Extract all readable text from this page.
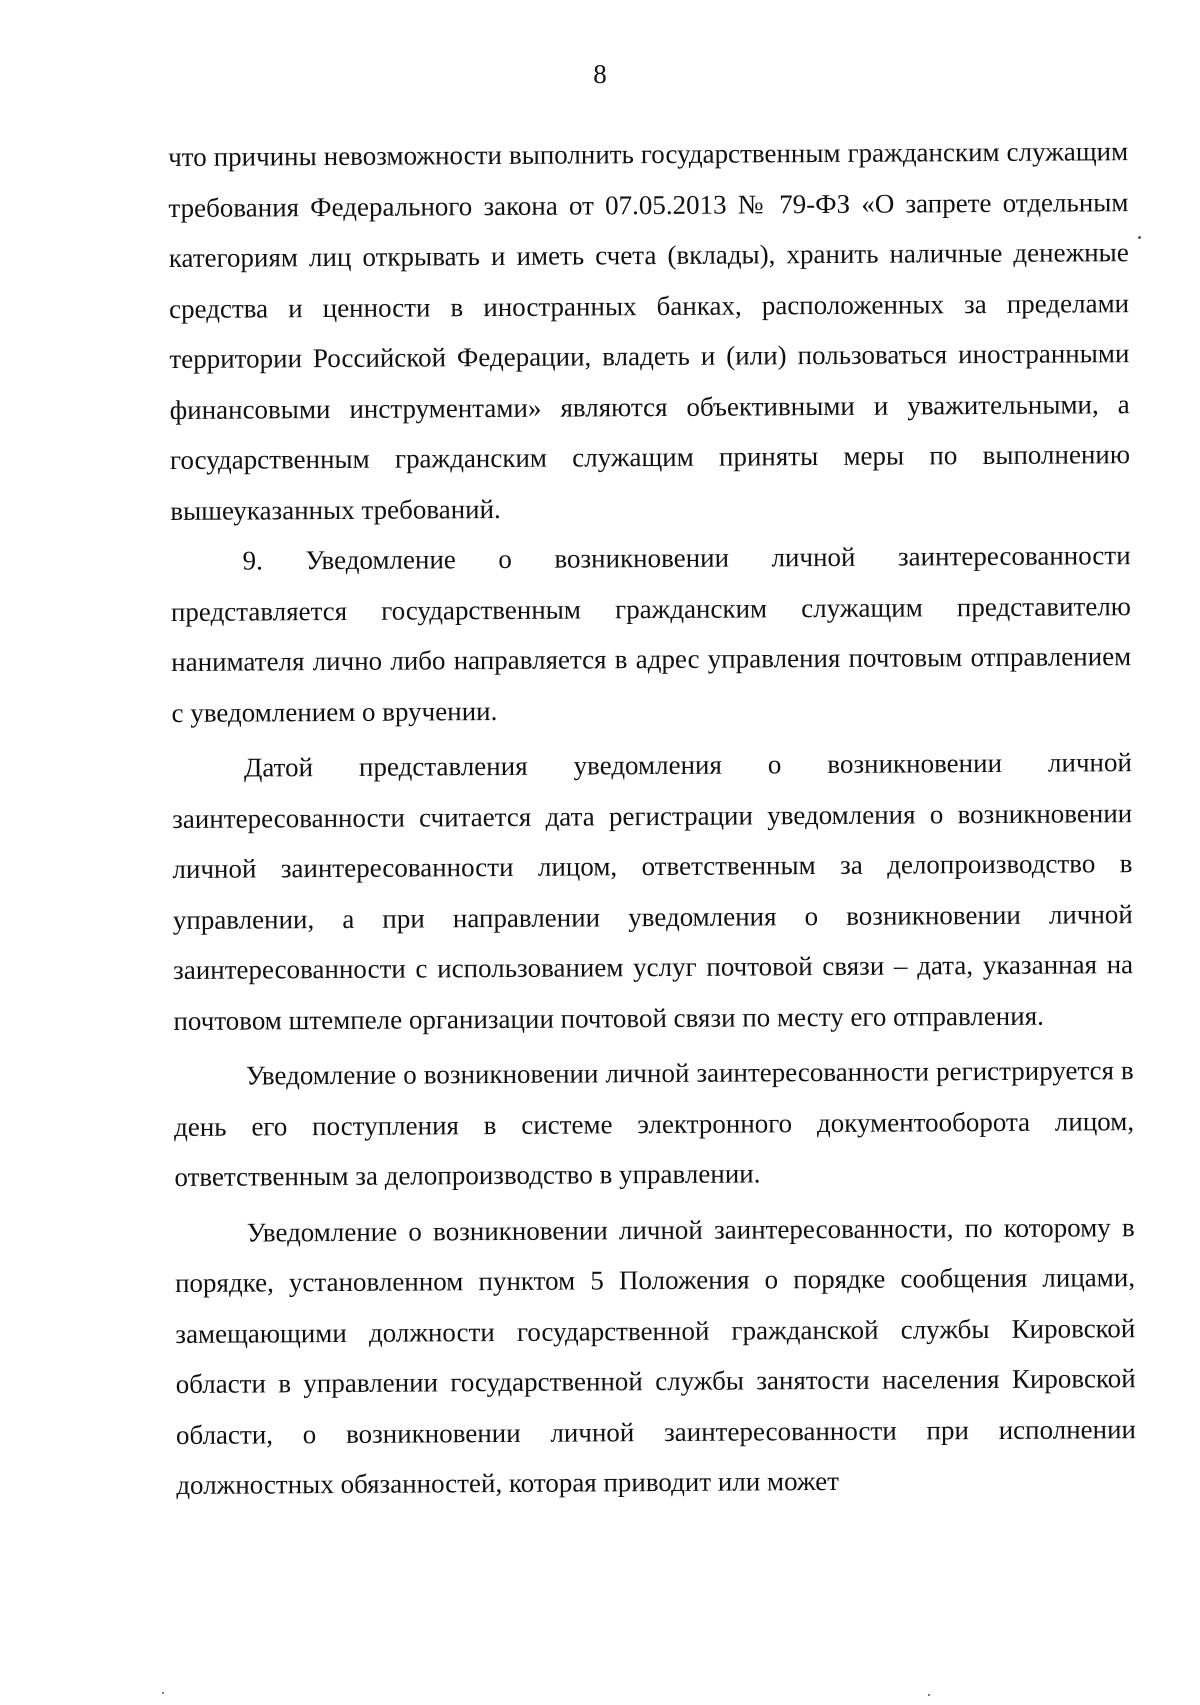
8

что причины невозможности выполнить государственным гражданским служащим требования Федерального закона от 07.05.2013 № 79-ФЗ «О запрете отдельным категориям лиц открывать и иметь счета (вклады), хранить наличные денежные средства и ценности в иностранных банках, расположенных за пределами территории Российской Федерации, владеть и (или) пользоваться иностранными финансовыми инструментами» являются объективными и уважительными, а государственным гражданским служащим приняты меры по выполнению вышеуказанных требований.

9. Уведомление о возникновении личной заинтересованности представляется государственным гражданским служащим представителю нанимателя лично либо направляется в адрес управления почтовым отправлением с уведомлением о вручении.

Датой представления уведомления о возникновении личной заинтересованности считается дата регистрации уведомления о возникновении личной заинтересованности лицом, ответственным за делопроизводство в управлении, а при направлении уведомления о возникновении личной заинтересованности с использованием услуг почтовой связи – дата, указанная на почтовом штемпеле организации почтовой связи по месту его отправления.

Уведомление о возникновении личной заинтересованности регистрируется в день его поступления в системе электронного документооборота лицом, ответственным за делопроизводство в управлении.

Уведомление о возникновении личной заинтересованности, по которому в порядке, установленном пунктом 5 Положения о порядке сообщения лицами, замещающими должности государственной гражданской службы Кировской области в управлении государственной службы занятости населения Кировской области, о возникновении личной заинтересованности при исполнении должностных обязанностей, которая приводит или может
